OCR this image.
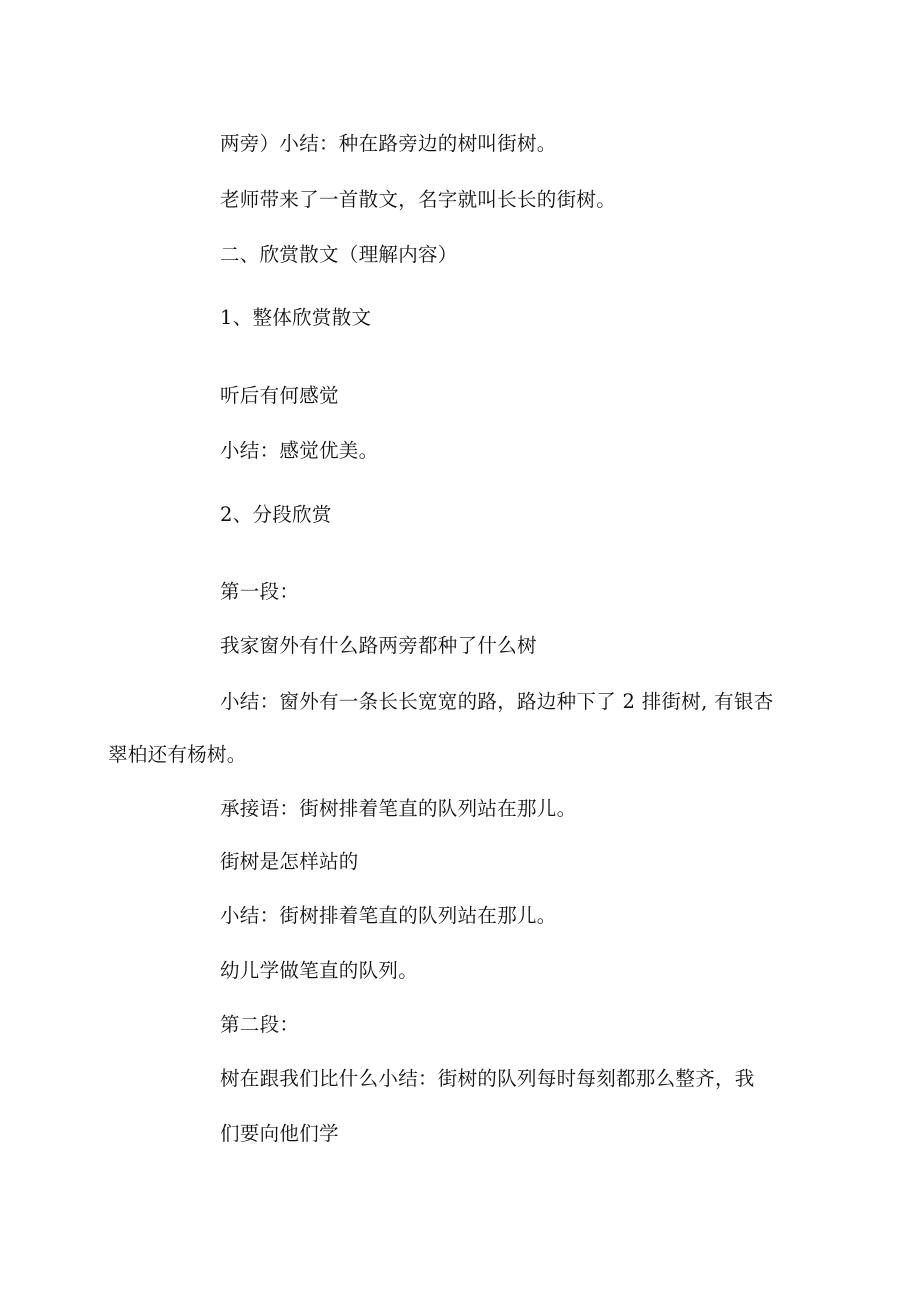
两旁）小结：种在路旁边的树叫街树。
老师带来了一首散文，名字就叫长长的街树。
二、欣赏散文（理解内容）
1、整体欣赏散文
听后有何感觉
小结：感觉优美。
2、分段欣赏
第一段：
我家窗外有什么路两旁都种了什么树
小结：窗外有一条长长宽宽的路，路边种下了 2 排街树, 有银杏
翠柏还有杨树。
承接语：街树排着笔直的队列站在那儿。
街树是怎样站的
小结：街树排着笔直的队列站在那儿。
幼儿学做笔直的队列。
第二段：
树在跟我们比什么小结：街树的队列每时每刻都那么整齐，我
们要向他们学
